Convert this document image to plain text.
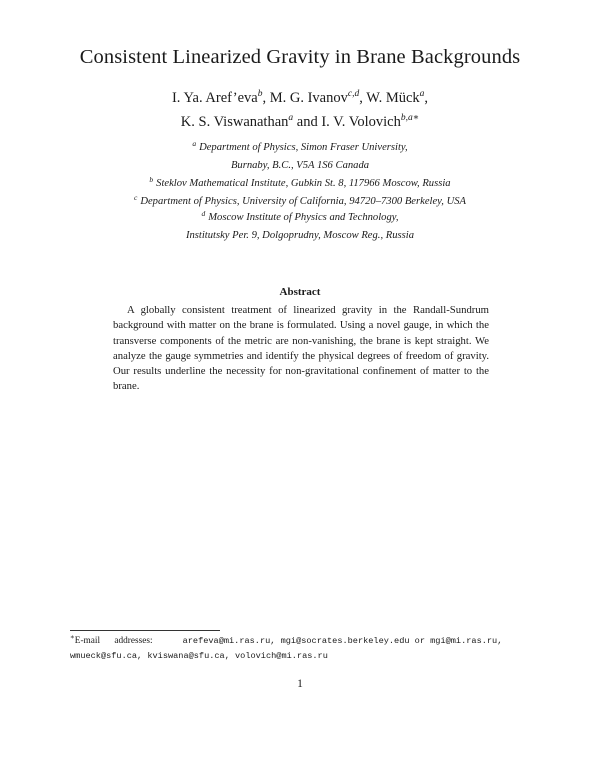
Consistent Linearized Gravity in Brane Backgrounds
I. Ya. Aref’eva$^b$, M. G. Ivanov$^{c,d}$, W. Mück$^a$,
K. S. Viswanathan$^a$ and I. V. Volovich$^{b,a∗}$
$^a$ Department of Physics, Simon Fraser University,
Burnaby, B.C., V5A 1S6 Canada
$^b$ Steklov Mathematical Institute, Gubkin St. 8, 117966 Moscow, Russia
$^c$ Department of Physics, University of California, 94720–7300 Berkeley, USA
$^d$ Moscow Institute of Physics and Technology,
Institutsky Per. 9, Dolgoprudny, Moscow Reg., Russia
Abstract

A globally consistent treatment of linearized gravity in the Randall-Sundrum background with matter on the brane is formulated. Using a novel gauge, in which the transverse components of the metric are non-vanishing, the brane is kept straight. We analyze the gauge symmetries and identify the physical degrees of freedom of gravity. Our results underline the necessity for non-gravitational confinement of matter to the brane.

∗E-mail addresses:	arefeva@mi.ras.ru, mgi@socrates.berkeley.edu or mgi@mi.ras.ru,
wmueck@sfu.ca, kviswana@sfu.ca, volovich@mi.ras.ru
1
